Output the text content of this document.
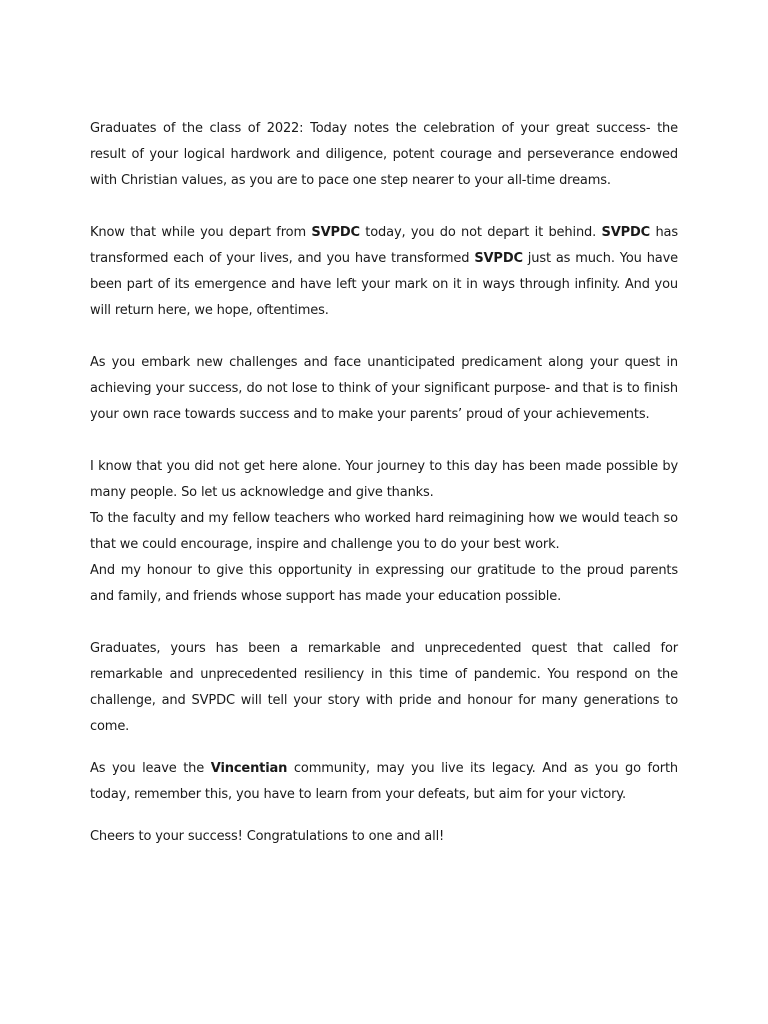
Graduates of the class of 2022: Today notes the celebration of your great success- the result of your logical hardwork and diligence, potent courage and perseverance endowed with Christian values, as you are to pace one step nearer to your all-time dreams.

Know that while you depart from SVPDC today, you do not depart it behind. SVPDC has transformed each of your lives, and you have transformed SVPDC just as much. You have been part of its emergence and have left your mark on it in ways through infinity. And you will return here, we hope, oftentimes.

As you embark new challenges and face unanticipated predicament along your quest in achieving your success, do not lose to think of your significant purpose- and that is to finish your own race towards success and to make your parents’ proud of your achievements.

I know that you did not get here alone. Your journey to this day has been made possible by many people. So let us acknowledge and give thanks.

To the faculty and my fellow teachers who worked hard reimagining how we would teach so that we could encourage, inspire and challenge you to do your best work.

And my honour to give this opportunity in expressing our gratitude to the proud parents and family, and friends whose support has made your education possible.

Graduates, yours has been a remarkable and unprecedented quest that called for remarkable and unprecedented resiliency in this time of pandemic. You respond on the challenge, and SVPDC will tell your story with pride and honour for many generations to come.

As you leave the Vincentian community, may you live its legacy. And as you go forth today, remember this, you have to learn from your defeats, but aim for your victory.

Cheers to your success! Congratulations to one and all!
